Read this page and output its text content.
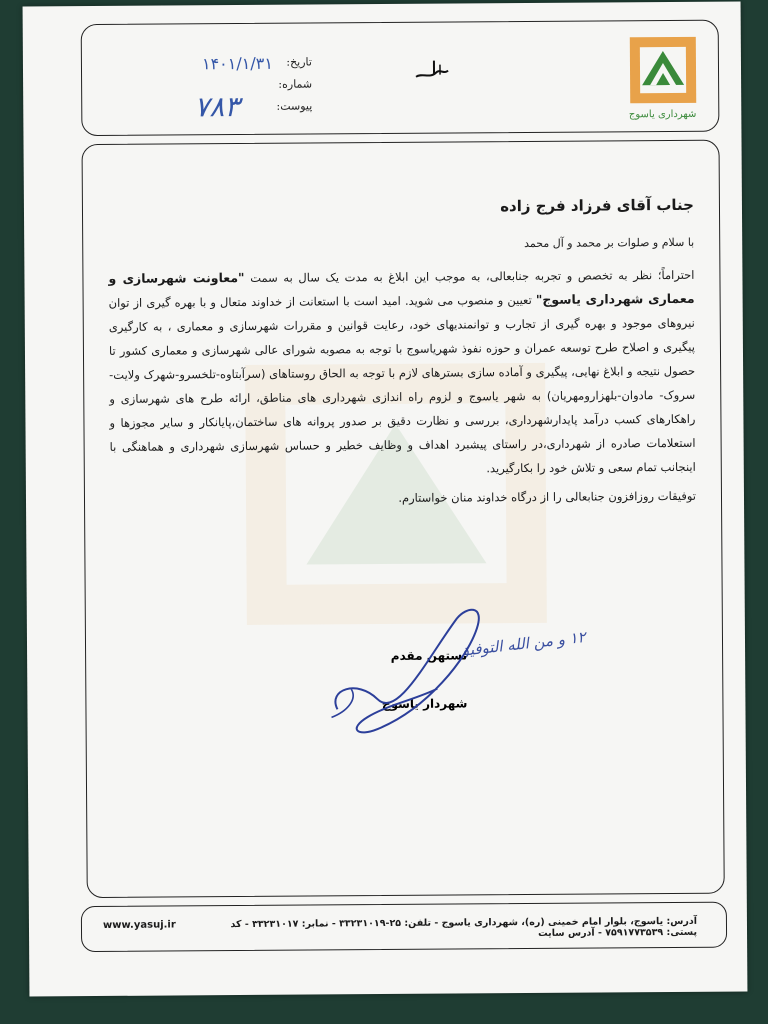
شهرداری یاسوج
تاریخ:
شماره:
پیوست:
۱۴۰۱/۱/۳۱
۷۸۳
جناب آقای فرزاد فرج زاده
با سلام و صلوات بر محمد و آل محمد
احتراماً؛ نظر به تخصص و تجربه جنابعالی، به موجب این ابلاغ به مدت یک سال به سمت "معاونت شهرسازی و معماری شهرداری یاسوج" تعیین و منصوب می شوید. امید است با استعانت از خداوند متعال و با بهره گیری از توان نیروهای موجود و بهره گیری از تجارب و توانمندیهای خود، رعایت قوانین و مقررات شهرسازی و معماری ، به کارگیری پیگیری و اصلاح طرح توسعه عمران و حوزه نفوذ شهریاسوج با توجه به مصوبه شورای عالی شهرسازی و معماری کشور تا حصول نتیجه و ابلاغ نهایی، پیگیری و آماده سازی بسترهای لازم با توجه به الحاق روستاهای (سرآبتاوه-تلخسرو-شهرک ولایت-سروک- مادوان-بلهزار‌ومهریان) به شهر یاسوج و لزوم راه اندازی شهرداری های مناطق، ارائه طرح های شهرسازی و راهکارهای کسب درآمد پایدارشهرداری، بررسی و نظارت دقیق بر صدور پروانه های ساختمان،پایانکار و سایر مجوزها و استعلامات صادره از شهرداری،در راستای پیشبرد اهداف و وظایف خطیر و حساس شهرسازی شهرداری و هماهنگی با اینجانب تمام سعی و تلاش خود را بکارگیرید.
توفیقات روزافزون جنابعالی را از درگاه خداوند منان خواستارم.
۱۲ و من الله التوفیق
نستهن مقدم
شهردار یاسوج
آدرس: یاسوج، بلوار امام خمینی (ره)، شهرداری یاسوج - تلفن: ۲۵-۳۳۲۳۱۰۱۹ - نمابر: ۳۳۲۳۱۰۱۷ - کد پستی: ۷۵۹۱۷۷۳۵۳۹ - آدرس سایت
www.yasuj.ir
